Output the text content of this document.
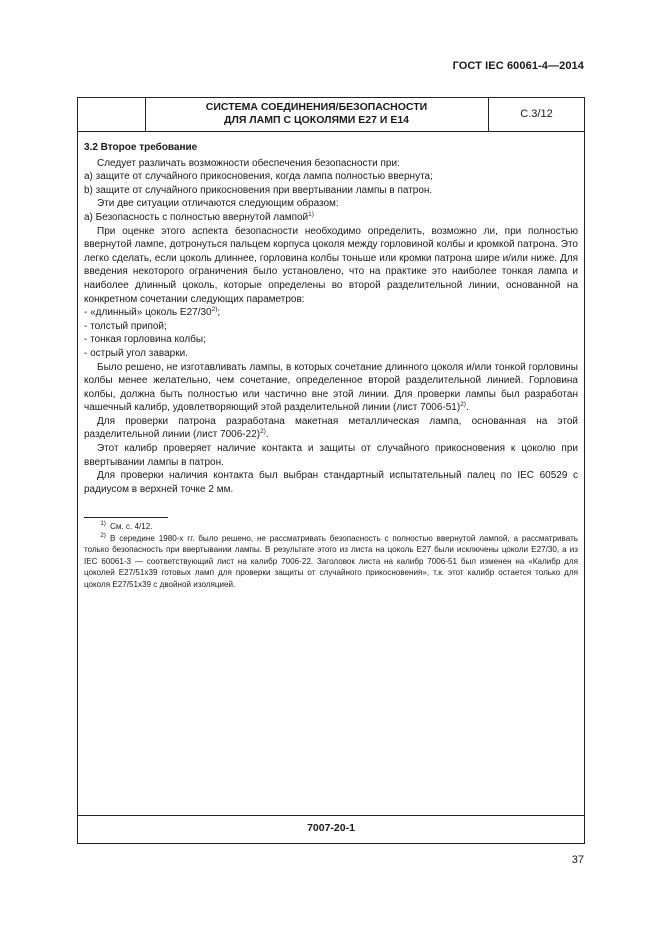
ГОСТ IEC 60061-4—2014
СИСТЕМА СОЕДИНЕНИЯ/БЕЗОПАСНОСТИ
ДЛЯ ЛАМП С ЦОКОЛЯМИ Е27 И Е14	С.3/12

3.2 Второе требование

Следует различать возможности обеспечения безопасности при:

а) защите от случайного прикосновения, когда лампа полностью ввернута;

b) защите от случайного прикосновения при ввертывании лампы в патрон.

Эти две ситуации отличаются следующим образом:

а) Безопасность с полностью ввернутой лампой$^{1)}$

При оценке этого аспекта безопасности необходимо определить, возможно ли, при полностью ввернутой лампе, дотронуться пальцем корпуса цоколя между горловиной колбы и кромкой патрона. Это легко сделать, если цоколь длиннее, горловина колбы тоньше или кромки патрона шире и/или ниже. Для введения некоторого ограничения было установлено, что на практике это наиболее тонкая лампа и наиболее длинный цоколь, которые определены во второй разделительной линии, основанной на конкретном сочетании следующих параметров:

- «длинный» цоколь Е27/30$^{2)}$;

- толстый припой;

- тонкая горловина колбы;

- острый угол заварки.

Было решено, не изготавливать лампы, в которых сочетание длинного цоколя и/или тонкой горловины колбы менее желательно, чем сочетание, определенное второй разделительной линией. Горловина колбы, должна быть полностью или частично вне этой линии. Для проверки лампы был разработан чашечный калибр, удовлетворяющий этой разделительной линии (лист 7006-51)$^{2)}$.

Для проверки патрона разработана макетная металлическая лампа, основанная на этой разделительной линии (лист 7006-22)$^{2)}$.

Этот калибр проверяет наличие контакта и защиты от случайного прикосновения к цоколю при ввертывании лампы в патрон.

Для проверки наличия контакта был выбран стандартный испытательный палец по IEC 60529 с радиусом в верхней точке 2 мм.

  $^{1)}$  См. с. 4/12.

  $^{2)}$  В середине 1980-х гг. было решено, не рассматривать безопасность с полностью ввернутой лампой, а рассматривать только безопасность при ввертывании лампы. В результате этого из листа на цоколь Е27 были исключены цоколи Е27/30, а из IEC 60061-3 — соответствующий лист на калибр 7006-22. Заголовок листа на калибр 7006-51 был изменен на «Калибр для цоколей Е27/51х39 готовых ламп для проверки защиты от случайного прикосновения», т.к. этот калибр остается только для цоколя Е27/51х39 с двойной изоляцией.

7007-20-1
37
